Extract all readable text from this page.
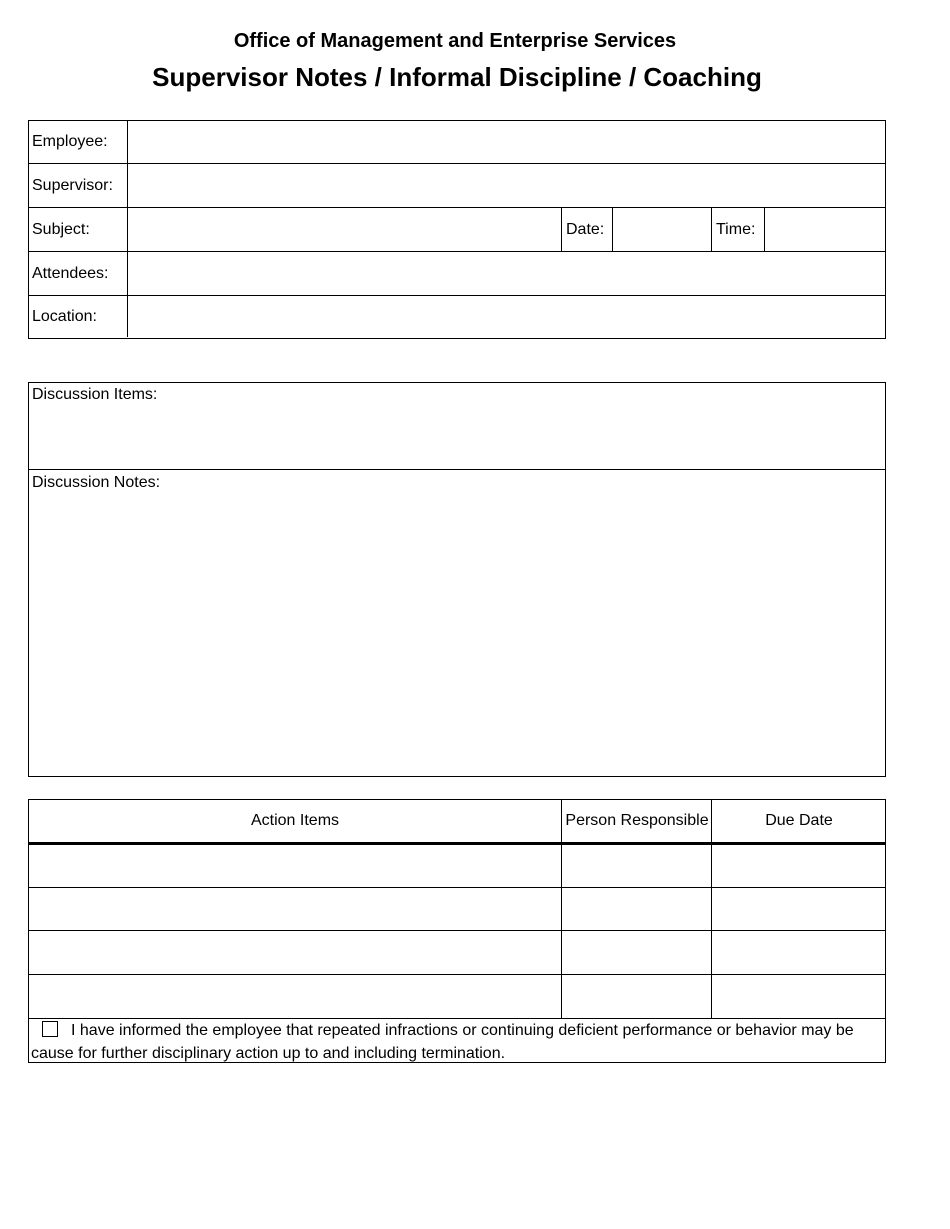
Office of Management and Enterprise Services
Supervisor Notes / Informal Discipline / Coaching
Employee:
Supervisor:
Subject:	Date:	Time:
Attendees:
Location:
Discussion Items:
Discussion Notes:
Action Items	Person Responsible	Due Date
I have informed the employee that repeated infractions or continuing deficient performance or behavior may be cause for further disciplinary action up to and including termination.
